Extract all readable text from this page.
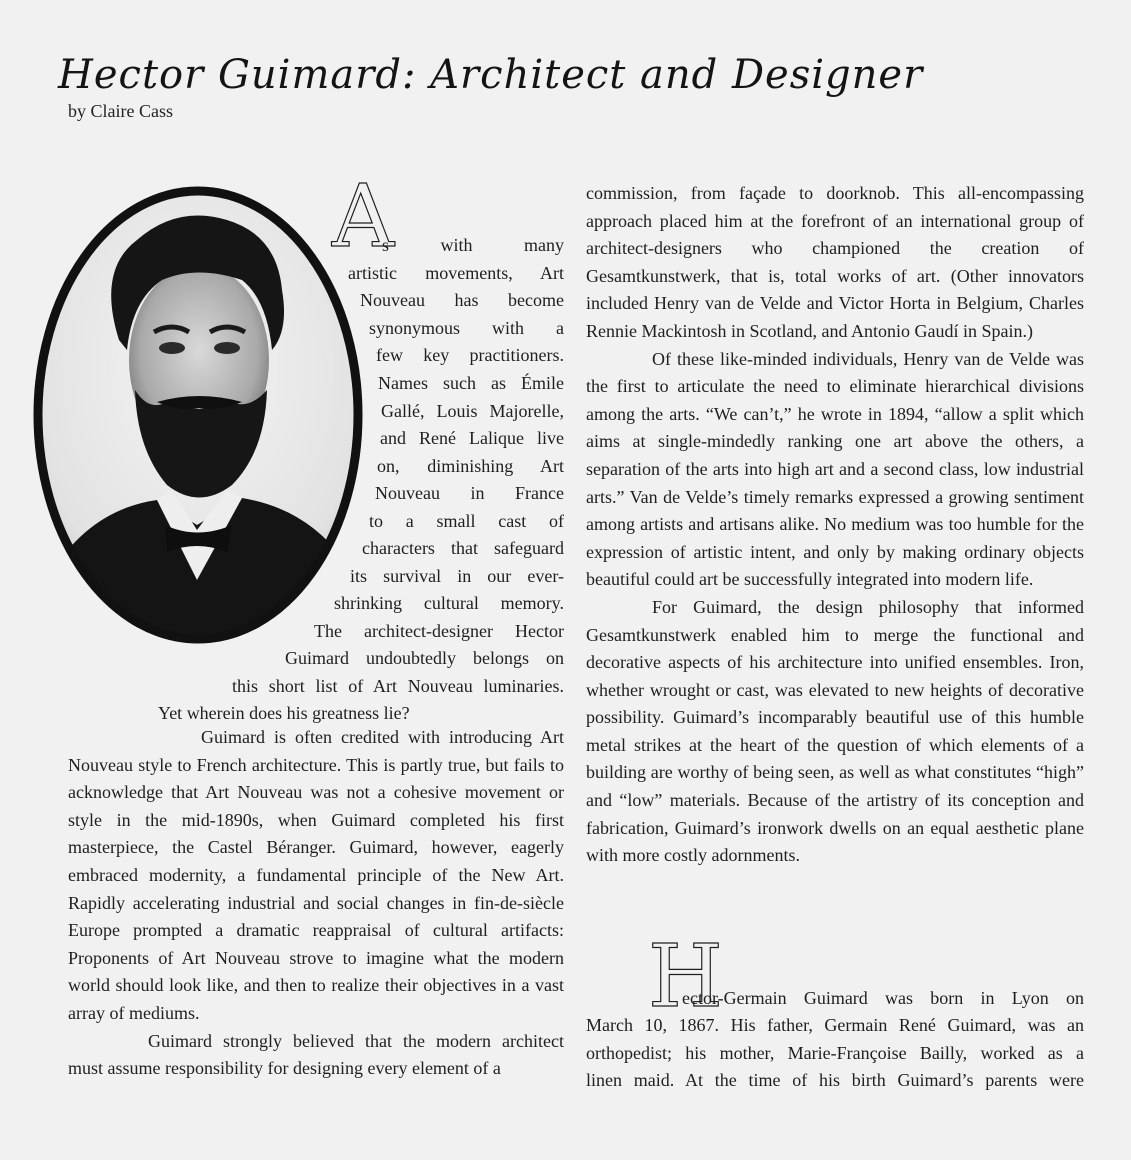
Hector Guimard: Architect and Designer
by Claire Cass
A
s with many
artistic movements, Art
Nouveau has become
synonymous with a
few key practitioners.
Names such as Émile
Gallé, Louis Majorelle,
and René Lalique live
on, diminishing Art
Nouveau in France
to a small cast of
characters that safeguard
its survival in our ever-
shrinking cultural memory.
The architect-designer Hector
Guimard undoubtedly belongs on
this short list of Art Nouveau luminaries.
Yet wherein does his greatness lie?

Guimard is often credited with introducing Art Nouveau style to French architecture. This is partly true, but fails to acknowledge that Art Nouveau was not a cohesive movement or style in the mid-1890s, when Guimard completed his first masterpiece, the Castel Béranger. Guimard, however, eagerly embraced modernity, a fundamental principle of the New Art. Rapidly accelerating industrial and social changes in fin-de-siècle Europe prompted a dramatic reappraisal of cultural artifacts: Proponents of Art Nouveau strove to imagine what the modern world should look like, and then to realize their objectives in a vast array of mediums.

Guimard strongly believed that the modern architect must assume responsibility for designing every element of a

commission, from façade to doorknob. This all-encompassing approach placed him at the forefront of an international group of architect-designers who championed the creation of Gesamtkunstwerk, that is, total works of art. (Other innovators included Henry van de Velde and Victor Horta in Belgium, Charles Rennie Mackintosh in Scotland, and Antonio Gaudí in Spain.)

Of these like-minded individuals, Henry van de Velde was the first to articulate the need to eliminate hierarchical divisions among the arts. “We can’t,” he wrote in 1894, “allow a split which aims at single-mindedly ranking one art above the others, a separation of the arts into high art and a second class, low industrial arts.” Van de Velde’s timely remarks expressed a growing sentiment among artists and artisans alike. No medium was too humble for the expression of artistic intent, and only by making ordinary objects beautiful could art be successfully integrated into modern life.

For Guimard, the design philosophy that informed Gesamtkunstwerk enabled him to merge the functional and decorative aspects of his architecture into unified ensembles. Iron, whether wrought or cast, was elevated to new heights of decorative possibility. Guimard’s incomparably beautiful use of this humble metal strikes at the heart of the question of which elements of a building are worthy of being seen, as well as what constitutes “high” and “low” materials. Because of the artistry of its conception and fabrication, Guimard’s ironwork dwells on an equal aesthetic plane with more costly adornments.

H
ector-Germain Guimard was born in Lyon on
March 10, 1867. His father, Germain René Guimard, was an
orthopedist; his mother, Marie-Françoise Bailly, worked as a
linen maid. At the time of his birth Guimard’s parents were
